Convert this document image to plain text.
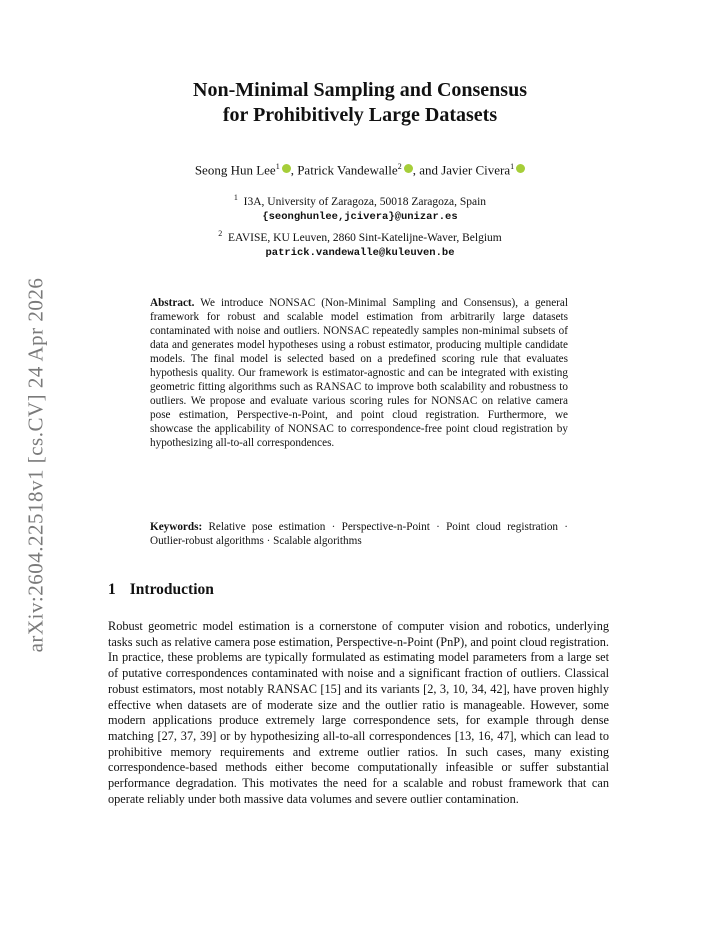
arXiv:2604.22518v1 [cs.CV] 24 Apr 2026
Non-Minimal Sampling and Consensus
for Prohibitively Large Datasets
Seong Hun Lee$^1$ , Patrick Vandewalle$^2$ , and Javier Civera$^1$
$^1$ I3A, University of Zaragoza, 50018 Zaragoza, Spain
{seonghunlee,jcivera}@unizar.es
$^2$ EAVISE, KU Leuven, 2860 Sint-Katelijne-Waver, Belgium
patrick.vandewalle@kuleuven.be
Abstract. We introduce NONSAC (Non-Minimal Sampling and Consensus), a general framework for robust and scalable model estimation from arbitrarily large datasets contaminated with noise and outliers. NONSAC repeatedly samples non-minimal subsets of data and generates model hypotheses using a robust estimator, producing multiple candidate models. The final model is selected based on a predefined scoring rule that evaluates hypothesis quality. Our framework is estimator-agnostic and can be integrated with existing geometric fitting algorithms such as RANSAC to improve both scalability and robustness to outliers. We propose and evaluate various scoring rules for NONSAC on relative camera pose estimation, Perspective-n-Point, and point cloud registration. Furthermore, we showcase the applicability of NONSAC to correspondence-free point cloud registration by hypothesizing all-to-all correspondences.
Keywords: Relative pose estimation · Perspective-n-Point · Point cloud registration · Outlier-robust algorithms · Scalable algorithms
1 Introduction
Robust geometric model estimation is a cornerstone of computer vision and robotics, underlying tasks such as relative camera pose estimation, Perspective-n-Point (PnP), and point cloud registration. In practice, these problems are typically formulated as estimating model parameters from a large set of putative correspondences contaminated with noise and a significant fraction of outliers. Classical robust estimators, most notably RANSAC [15] and its variants [2, 3, 10, 34, 42], have proven highly effective when datasets are of moderate size and the outlier ratio is manageable. However, some modern applications produce extremely large correspondence sets, for example through dense matching [27, 37, 39] or by hypothesizing all-to-all correspondences [13, 16, 47], which can lead to prohibitive memory requirements and extreme outlier ratios. In such cases, many existing correspondence-based methods either become computationally infeasible or suffer substantial performance degradation. This motivates the need for a scalable and robust framework that can operate reliably under both massive data volumes and severe outlier contamination.
